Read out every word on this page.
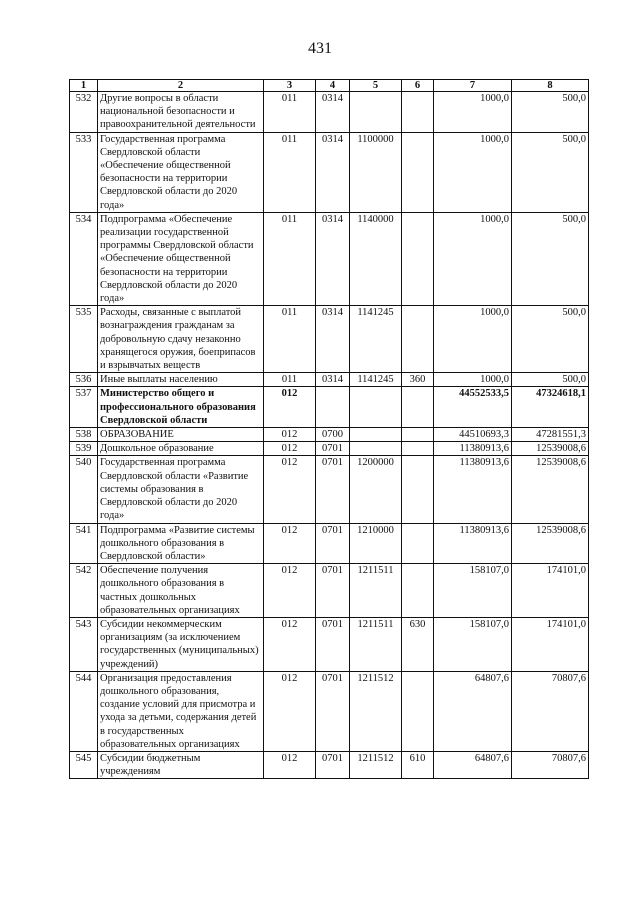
431
1	2	3	4	5	6	7	8
532	Другие вопросы в области национальной безопасности и правоохранительной деятельности	011	0314			1000,0	500,0
533	Государственная программа Свердловской области «Обеспечение общественной безопасности на территории Свердловской области до 2020 года»	011	0314	1100000		1000,0	500,0
534	Подпрограмма «Обеспечение реализации государственной программы Свердловской области «Обеспечение общественной безопасности на территории Свердловской области до 2020 года»	011	0314	1140000		1000,0	500,0
535	Расходы, связанные с выплатой вознаграждения гражданам за добровольную сдачу незаконно хранящегося оружия, боеприпасов и взрывчатых веществ	011	0314	1141245		1000,0	500,0
536	Иные выплаты населению	011	0314	1141245	360	1000,0	500,0
537	Министерство общего и профессионального образования Свердловской области	012				44552533,5	47324618,1
538	ОБРАЗОВАНИЕ	012	0700			44510693,3	47281551,3
539	Дошкольное образование	012	0701			11380913,6	12539008,6
540	Государственная программа Свердловской области «Развитие системы образования в Свердловской области до 2020 года»	012	0701	1200000		11380913,6	12539008,6
541	Подпрограмма «Развитие системы дошкольного образования в Свердловской области»	012	0701	1210000		11380913,6	12539008,6
542	Обеспечение получения дошкольного образования в частных дошкольных образовательных организациях	012	0701	1211511		158107,0	174101,0
543	Субсидии некоммерческим организациям (за исключением государственных (муниципальных) учреждений)	012	0701	1211511	630	158107,0	174101,0
544	Организация предоставления дошкольного образования, создание условий для присмотра и ухода за детьми, содержания детей в государственных образовательных организациях	012	0701	1211512		64807,6	70807,6
545	Субсидии бюджетным учреждениям	012	0701	1211512	610	64807,6	70807,6
